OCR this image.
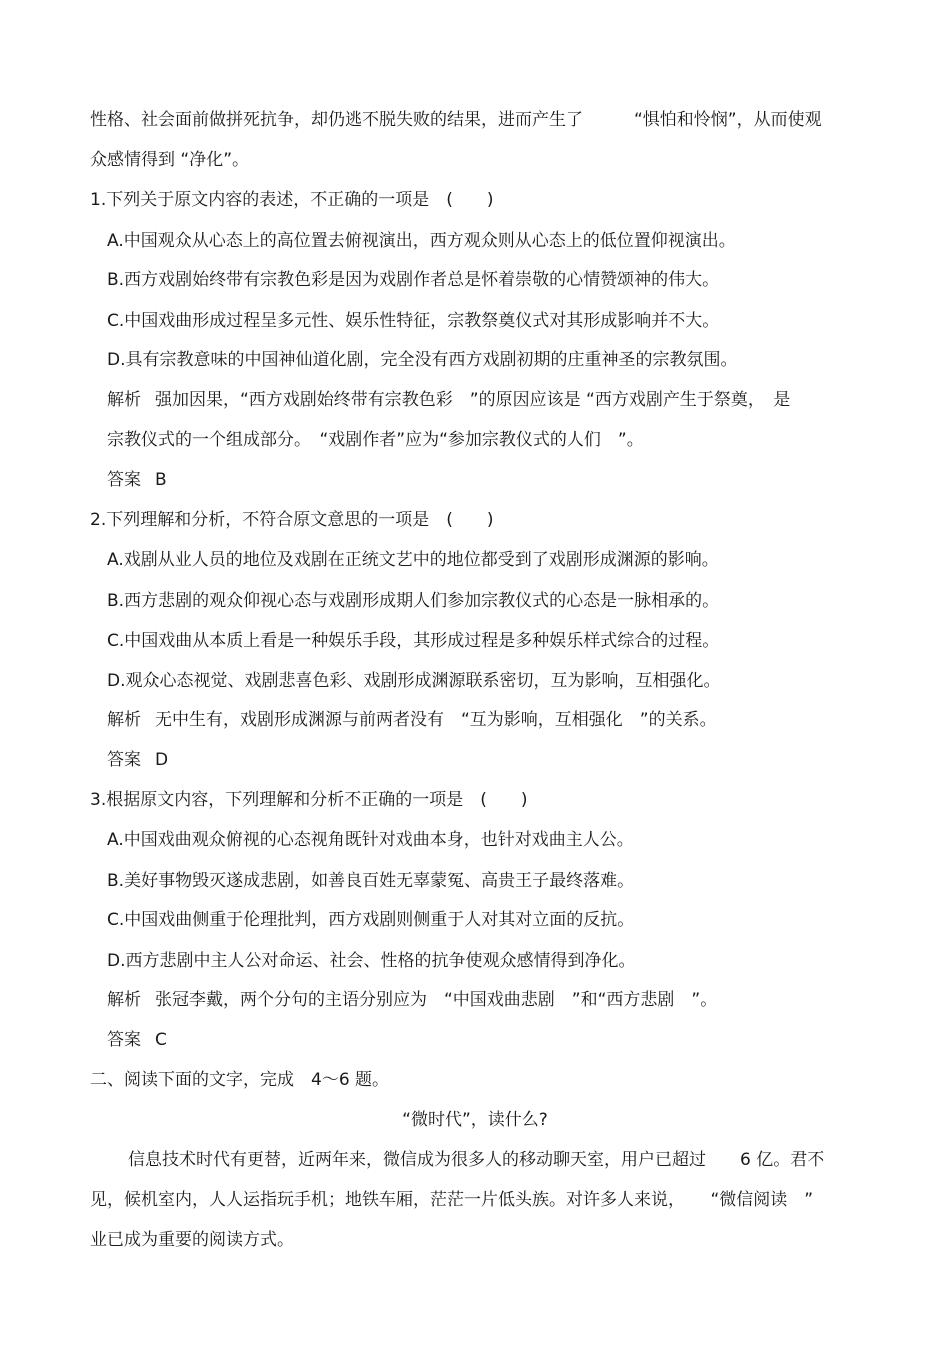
性格、社会面前做拼死抗争，却仍逃不脱失败的结果，进而产生了　　　“惧怕和怜悯”，从而使观
众感情得到 “净化”。
1.下列关于原文内容的表述，不正确的一项是　(　　)
A.中国观众从心态上的高位置去俯视演出，西方观众则从心态上的低位置仰视演出。
B.西方戏剧始终带有宗教色彩是因为戏剧作者总是怀着崇敬的心情赞颂神的伟大。
C.中国戏曲形成过程呈多元性、娱乐性特征，宗教祭奠仪式对其形成影响并不大。
D.具有宗教意味的中国神仙道化剧，完全没有西方戏剧初期的庄重神圣的宗教氛围。
解析 强加因果，“西方戏剧始终带有宗教色彩　”的原因应该是 “西方戏剧产生于祭奠，　是
宗教仪式的一个组成部分。　“戏剧作者”应为“参加宗教仪式的人们　”。
答案 B
2.下列理解和分析，不符合原文意思的一项是　(　　)
A.戏剧从业人员的地位及戏剧在正统文艺中的地位都受到了戏剧形成渊源的影响。
B.西方悲剧的观众仰视心态与戏剧形成期人们参加宗教仪式的心态是一脉相承的。
C.中国戏曲从本质上看是一种娱乐手段，其形成过程是多种娱乐样式综合的过程。
D.观众心态视觉、戏剧悲喜色彩、戏剧形成渊源联系密切，互为影响，互相强化。
解析 无中生有，戏剧形成渊源与前两者没有　“互为影响，互相强化　”的关系。
答案 D
3.根据原文内容，下列理解和分析不正确的一项是　(　　)
A.中国戏曲观众俯视的心态视角既针对戏曲本身，也针对戏曲主人公。
B.美好事物毁灭遂成悲剧，如善良百姓无辜蒙冤、高贵王子最终落难。
C.中国戏曲侧重于伦理批判，西方戏剧则侧重于人对其对立面的反抗。
D.西方悲剧中主人公对命运、社会、性格的抗争使观众感情得到净化。
解析 张冠李戴，两个分句的主语分别应为　“中国戏曲悲剧　”和“西方悲剧　”。
答案 C
二、阅读下面的文字，完成　4～6 题。
“微时代”，读什么?
信息技术时代有更替，近两年来，微信成为很多人的移动聊天室，用户已超过　　6 亿。君不
见，候机室内，人人运指玩手机；地铁车厢，茫茫一片低头族。对许多人来说，　　“微信阅读　”
业已成为重要的阅读方式。
